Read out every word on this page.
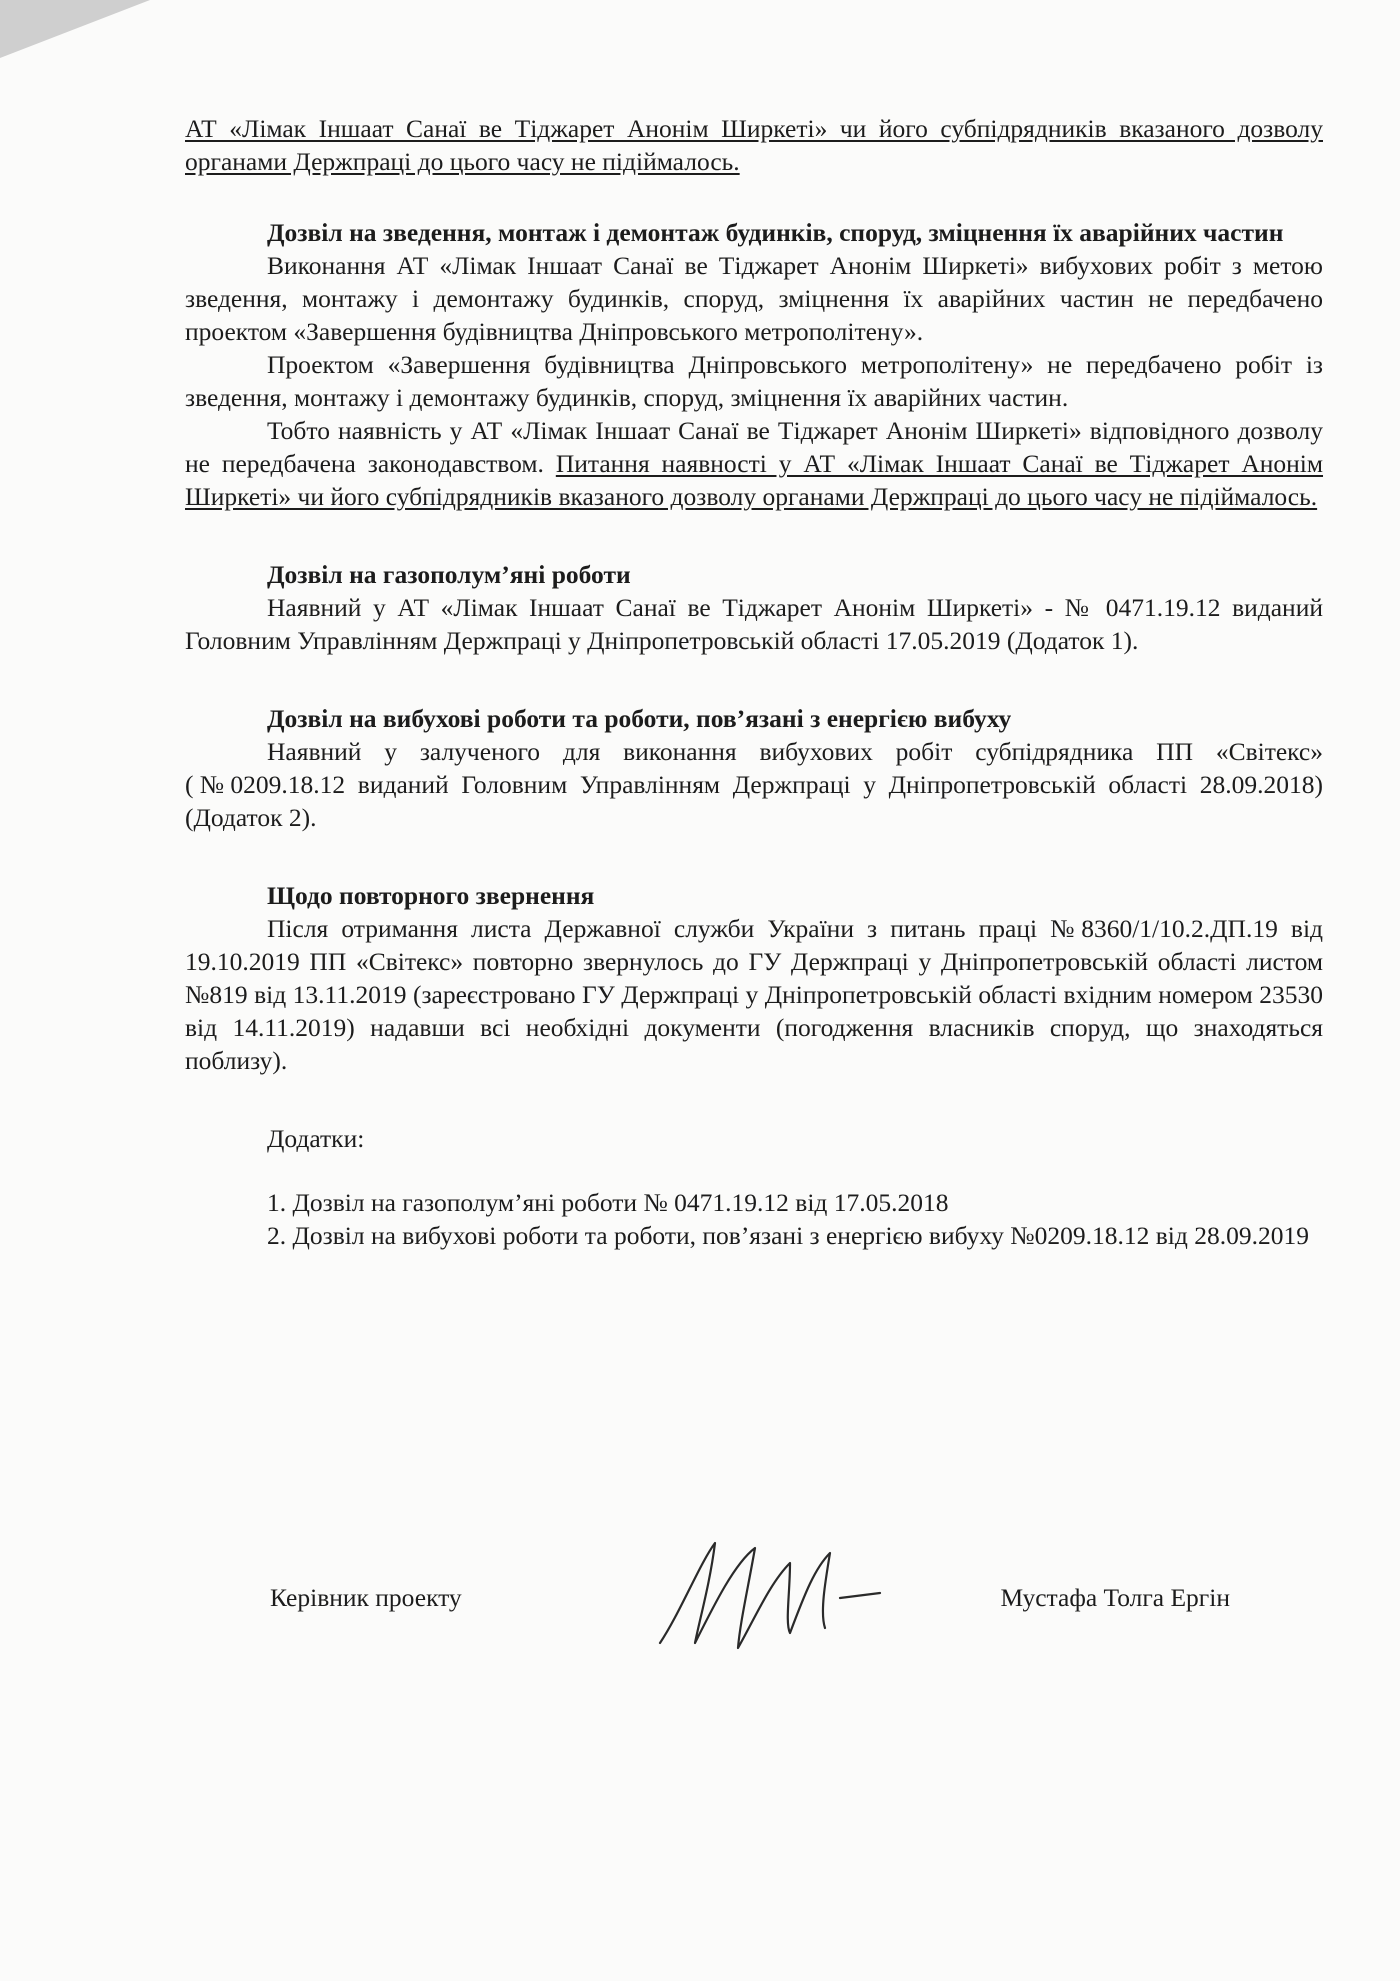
АТ «Лімак Іншаат Санаї ве Тіджарет Анонім Ширкеті» чи його субпідрядників вказаного дозволу органами Держпраці до цього часу не підіймалось.

Дозвіл на зведення, монтаж і демонтаж будинків, споруд, зміцнення їх аварійних частин

Виконання АТ «Лімак Іншаат Санаї ве Тіджарет Анонім Ширкеті» вибухових робіт з метою зведення, монтажу і демонтажу будинків, споруд, зміцнення їх аварійних частин не передбачено проектом «Завершення будівництва Дніпровського метрополітену».

Проектом «Завершення будівництва Дніпровського метрополітену» не передбачено робіт із зведення, монтажу і демонтажу будинків, споруд, зміцнення їх аварійних частин.

Тобто наявність у АТ «Лімак Іншаат Санаї ве Тіджарет Анонім Ширкеті» відповідного дозволу не передбачена законодавством. Питання наявності у АТ «Лімак Іншаат Санаї ве Тіджарет Анонім Ширкеті» чи його субпідрядників вказаного дозволу органами Держпраці до цього часу не підіймалось.

Дозвіл на газополум’яні роботи

Наявний у АТ «Лімак Іншаат Санаї ве Тіджарет Анонім Ширкеті» - № 0471.19.12 виданий Головним Управлінням Держпраці у Дніпропетровській області 17.05.2019 (Додаток 1).

Дозвіл на вибухові роботи та роботи, пов’язані з енергією вибуху

Наявний у залученого для виконання вибухових робіт субпідрядника ПП «Світекс» (№0209.18.12 виданий Головним Управлінням Держпраці у Дніпропетровській області 28.09.2018) (Додаток 2).

Щодо повторного звернення

Після отримання листа Державної служби України з питань праці №8360/1/10.2.ДП.19 від 19.10.2019 ПП «Світекс» повторно звернулось до ГУ Держпраці у Дніпропетровській області листом №819 від 13.11.2019 (зареєстровано ГУ Держпраці у Дніпропетровській області вхідним номером 23530 від 14.11.2019) надавши всі необхідні документи (погодження власників споруд, що знаходяться поблизу).

Додатки:

1. Дозвіл на газополум’яні роботи № 0471.19.12 від 17.05.2018

2. Дозвіл на вибухові роботи та роботи, пов’язані з енергією вибуху №0209.18.12 від 28.09.2019

Керівник проекту	Мустафа Толга Ергін
